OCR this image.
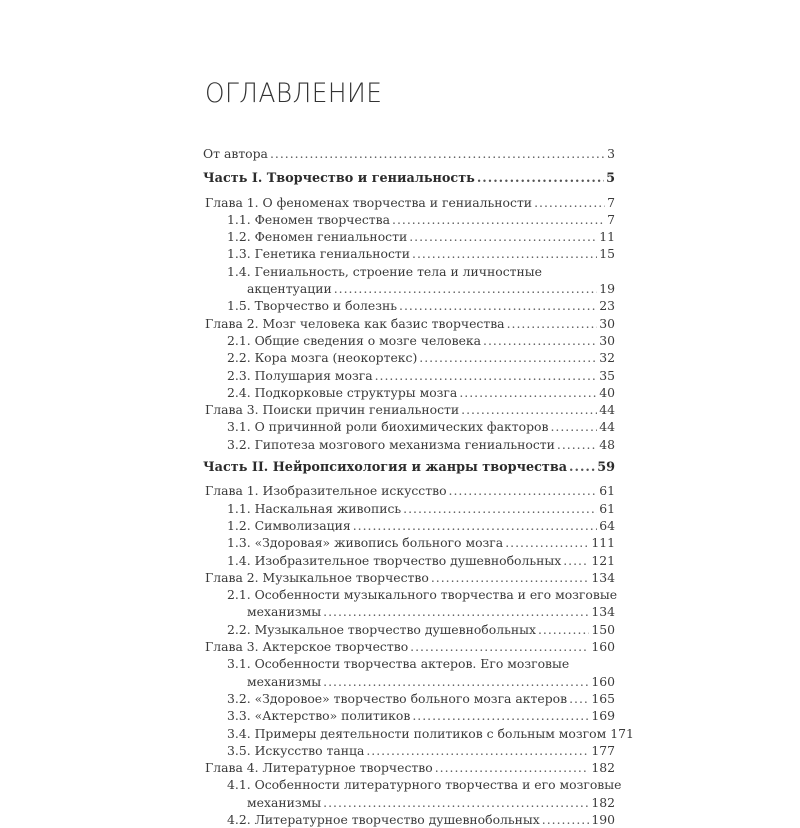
ОГЛАВЛЕНИЕ
От автора .....	3
Часть I. Творчество и гениальность .....	5
Глава 1. О феноменах творчества и гениальности .....	7
1.1. Феномен творчества .....	7
1.2. Феномен гениальности .....	11
1.3. Генетика гениальности .....	15
1.4. Гениальность, строение тела и личностные
акцентуации .....	19
1.5. Творчество и болезнь .....	23
Глава 2. Мозг человека как базис творчества .....	30
2.1. Общие сведения о мозге человека .....	30
2.2. Кора мозга (неокортекс) .....	32
2.3. Полушария мозга .....	35
2.4. Подкорковые структуры мозга .....	40
Глава 3. Поиски причин гениальности .....	44
3.1. О причинной роли биохимических факторов .....	44
3.2. Гипотеза мозгового механизма гениальности .....	48
Часть II. Нейропсихология и жанры творчества ..... 59
Глава 1. Изобразительное искусство .....	61
1.1. Наскальная живопись .....	61
1.2. Символизация .....	64
1.3. «Здоровая» живопись больного мозга .....	111
1.4. Изобразительное творчество душевнобольных ..... 121
Глава 2. Музыкальное творчество .....	134
2.1. Особенности музыкального творчества и его мозговые
механизмы .....	134
2.2. Музыкальное творчество душевнобольных .....	150
Глава 3. Актерское творчество .....	160
3.1. Особенности творчества актеров. Его мозговые
механизмы .....	160
3.2. «Здоровое» творчество больного мозга актеров ..... 165
3.3. «Актерство» политиков .....	169
3.4. Примеры деятельности политиков с больным мозгом 171
3.5. Искусство танца .....	177
Глава 4. Литературное творчество .....	182
4.1. Особенности литературного творчества и его мозговые
механизмы .....	182
4.2. Литературное творчество душевнобольных .....	190
